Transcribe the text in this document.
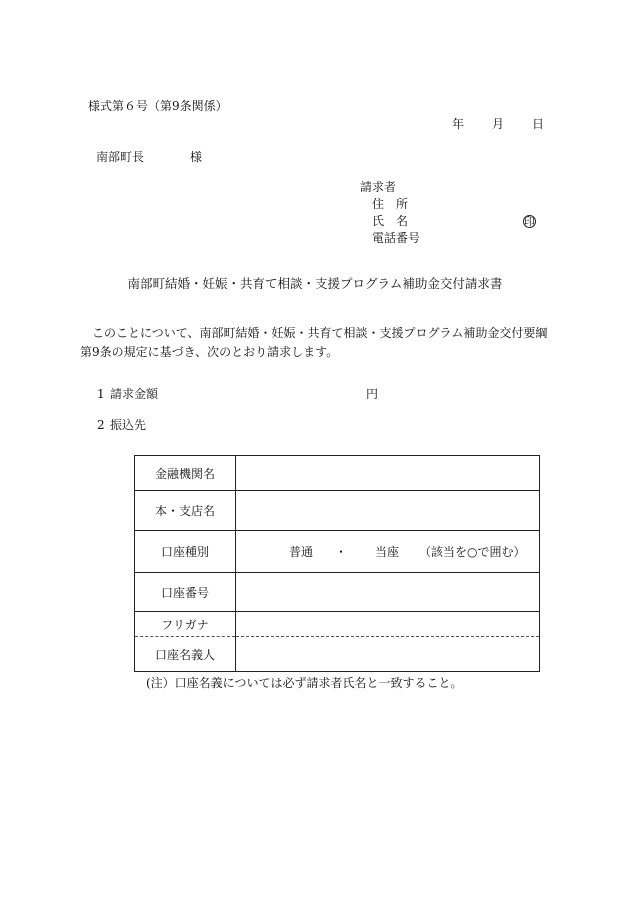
様式第６号（第9条関係）
年 月 日
南部町長	様
請求者
住所
氏名	印
電話番号
南部町結婚・妊娠・共育て相談・支援プログラム補助金交付請求書
このことについて、南部町結婚・妊娠・共育て相談・支援プログラム補助金交付要綱第9条の規定に基づき、次のとおり請求します。
1 請求金額	円
2 振込先
金融機関名	
本・支店名	
口座種別	普通 ・ 当座 （該当を○で囲む）
口座番号	
フリガナ	
口座名義人	
(注）口座名義については必ず請求者氏名と一致すること。
